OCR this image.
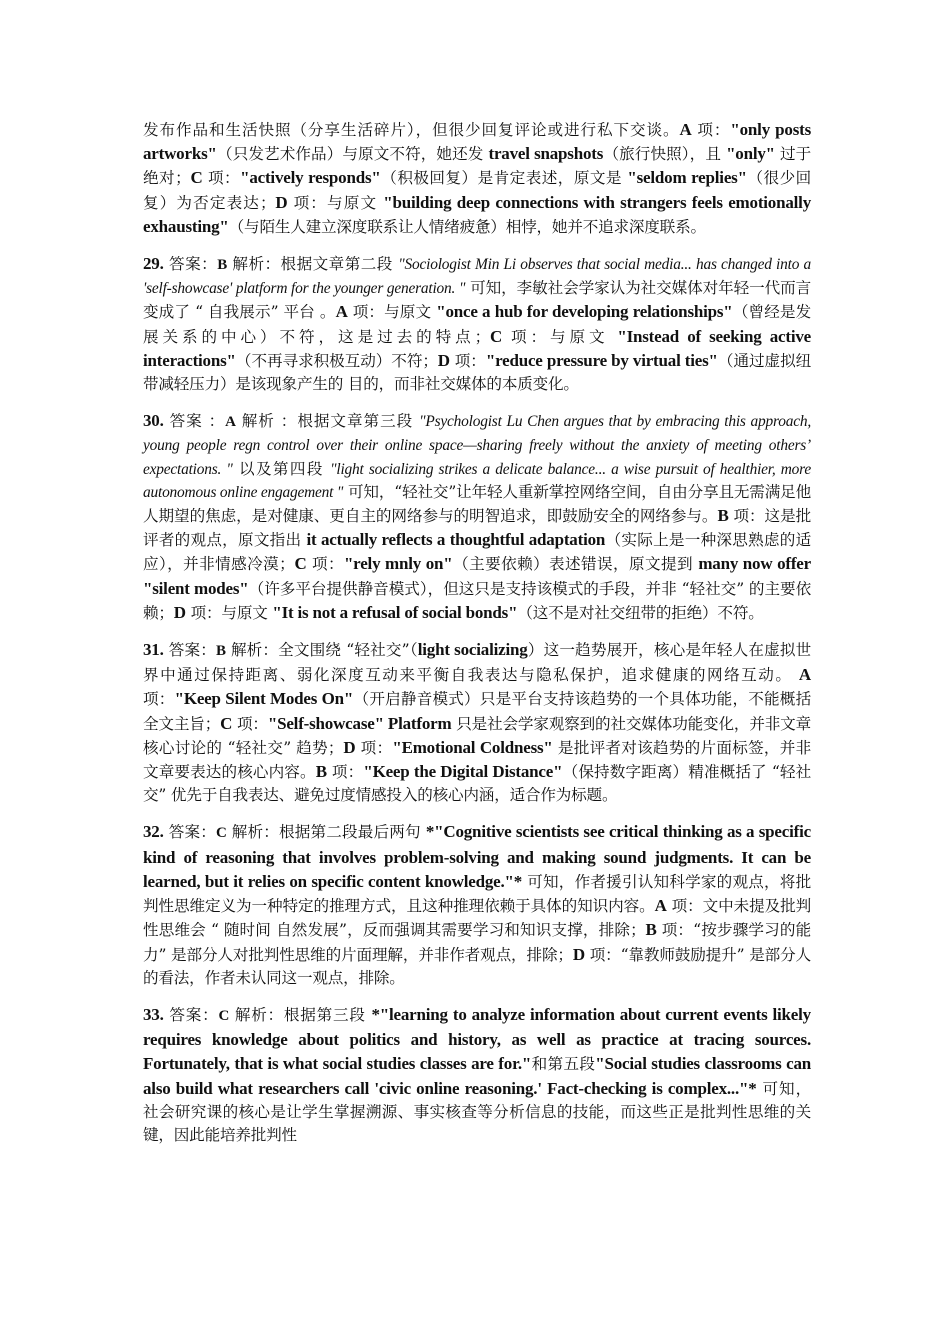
发布作品和生活快照（分享生活碎片），但很少回复评论或进行私下交谈。A 项："only posts artworks"（只发艺术作品）与原文不符，她还发 travel snapshots（旅行快照），且 "only" 过于绝对；C 项："actively responds"（积极回复）是肯定表述，原文是 "seldom replies"（很少回复）为否定表达；D 项：与原文 "building deep connections with strangers feels emotionally exhausting"（与陌生人建立深度联系让人情绪疲惫）相悖，她并不追求深度联系。

29. 答案：B 解析：根据文章第二段 "Sociologist Min Li observes that social media... has changed into a 'self-showcase' platform for the younger generation. " 可知，李敏社会学家认为社交媒体对年轻一代而言变成了 “ 自我展示” 平台 。A 项：与原文 "once a hub for developing relationships"（曾经是发展关系的中心）不符，这是过去的特点；C 项：与原文 "Instead of seeking active interactions"（不再寻求积极互动）不符；D 项："reduce pressure by virtual ties"（通过虚拟纽带减轻压力）是该现象产生的 目的，而非社交媒体的本质变化。

30. 答案 ：A 解析 ：根据文章第三段 "Psychologist Lu Chen argues that by embracing this approach, young people regn control over their online space—sharing freely without the anxiety of meeting others’ expectations. " 以及第四段 "light socializing strikes a delicate balance... a wise pursuit of healthier, more autonomous online engagement " 可知，“轻社交”让年轻人重新掌控网络空间，自由分享且无需满足他人期望的焦虑，是对健康、更自主的网络参与的明智追求，即鼓励安全的网络参与。B 项：这是批评者的观点，原文指出 it actually reflects a thoughtful adaptation（实际上是一种深思熟虑的适应），并非情感冷漠；C 项："rely mnly on"（主要依赖）表述错误，原文提到 many now offer "silent modes"（许多平台提供静音模式），但这只是支持该模式的手段，并非 “轻社交” 的主要依赖；D 项：与原文 "It is not a refusal of social bonds"（这不是对社交纽带的拒绝）不符。

31. 答案：B 解析：全文围绕 “轻社交”（light socializing）这一趋势展开，核心是年轻人在虚拟世界中通过保持距离、弱化深度互动来平衡自我表达与隐私保护，追求健康的网络互动。 A 项："Keep Silent Modes On"（开启静音模式）只是平台支持该趋势的一个具体功能，不能概括全文主旨；C 项："Self-showcase" Platform 只是社会学家观察到的社交媒体功能变化，并非文章核心讨论的 “轻社交” 趋势；D 项："Emotional Coldness" 是批评者对该趋势的片面标签，并非文章要表达的核心内容。B 项："Keep the Digital Distance"（保持数字距离）精准概括了 “轻社交” 优先于自我表达、避免过度情感投入的核心内涵，适合作为标题。

32. 答案：C 解析：根据第二段最后两句 *"Cognitive scientists see critical thinking as a specific kind of reasoning that involves problem-solving and making sound judgments. It can be learned, but it relies on specific content knowledge."* 可知，作者援引认知科学家的观点，将批判性思维定义为一种特定的推理方式，且这种推理依赖于具体的知识内容。A 项：文中未提及批判性思维会 “ 随时间 自然发展”，反而强调其需要学习和知识支撑，排除；B 项：“按步骤学习的能力” 是部分人对批判性思维的片面理解，并非作者观点，排除；D 项：“靠教师鼓励提升” 是部分人的看法，作者未认同这一观点，排除。

33. 答案：C 解析：根据第三段 *"learning to analyze information about current events likely requires knowledge about politics and history, as well as practice at tracing sources. Fortunately, that is what social studies classes are for."和第五段"Social studies classrooms can also build what researchers call 'civic online reasoning.' Fact-checking is complex..."* 可知，社会研究课的核心是让学生掌握溯源、事实核查等分析信息的技能，而这些正是批判性思维的关键，因此能培养批判性
